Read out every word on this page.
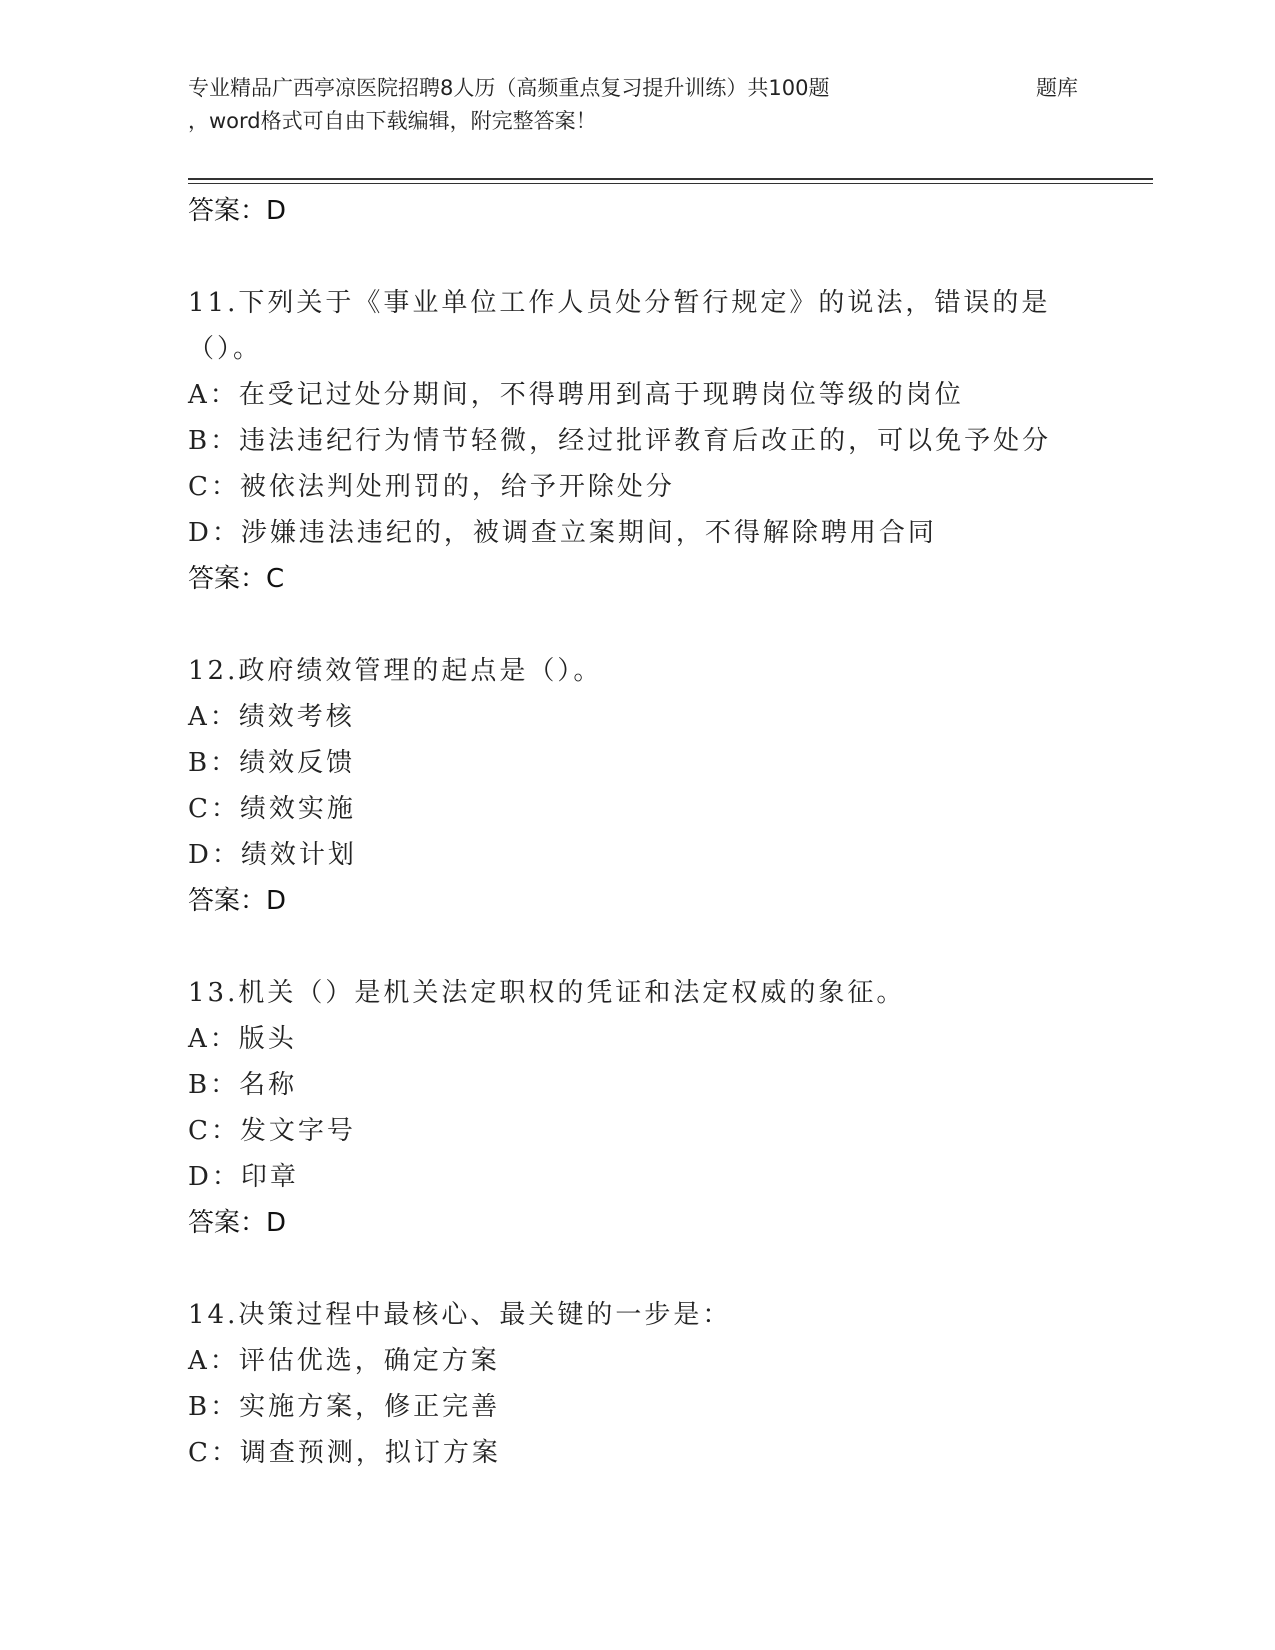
专业精品广西亭凉医院招聘8人历（高频重点复习提升训练）共100题	题库
，word格式可自由下载编辑，附完整答案！
答案：D
11.下列关于《事业单位工作人员处分暂行规定》的说法，错误的是（）。
A：在受记过处分期间，不得聘用到高于现聘岗位等级的岗位
B：违法违纪行为情节轻微，经过批评教育后改正的，可以免予处分
C：被依法判处刑罚的，给予开除处分
D：涉嫌违法违纪的，被调查立案期间，不得解除聘用合同
答案：C
12.政府绩效管理的起点是（）。
A：绩效考核
B：绩效反馈
C：绩效实施
D：绩效计划
答案：D
13.机关（）是机关法定职权的凭证和法定权威的象征。
A：版头
B：名称
C：发文字号
D：印章
答案：D
14.决策过程中最核心、最关键的一步是：
A：评估优选，确定方案
B：实施方案，修正完善
C：调查预测，拟订方案
